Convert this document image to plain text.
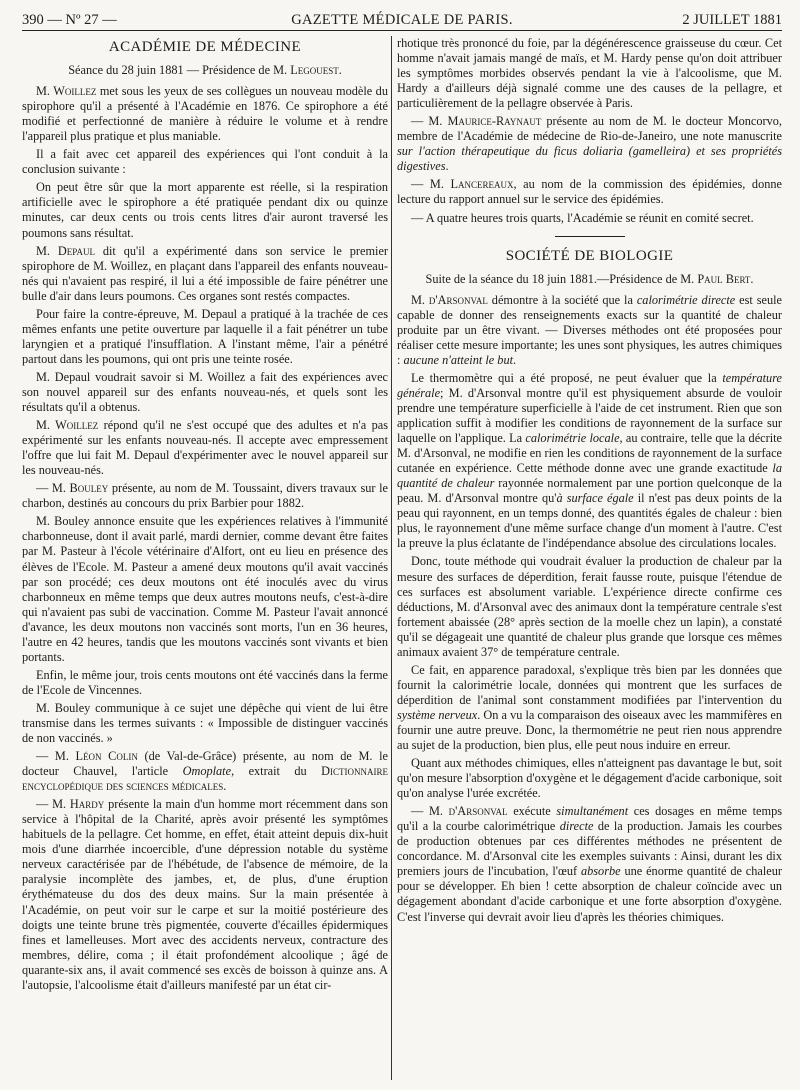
390 — Nº 27 —	GAZETTE MÉDICALE DE PARIS.	2 JUILLET 1881
ACADÉMIE DE MÉDECINE

Séance du 28 juin 1881 — Présidence de M. Legouest.

M. Woillez met sous les yeux de ses collègues un nouveau modèle du spirophore qu'il a présenté à l'Académie en 1876. Ce spirophore a été modifié et perfectionné de manière à réduire le volume et à rendre l'appareil plus pratique et plus maniable.

Il a fait avec cet appareil des expériences qui l'ont conduit à la conclusion suivante :

On peut être sûr que la mort apparente est réelle, si la respiration artificielle avec le spirophore a été pratiquée pendant dix ou quinze minutes, car deux cents ou trois cents litres d'air auront traversé les poumons sans résultat.

M. Depaul dit qu'il a expérimenté dans son service le premier spirophore de M. Woillez, en plaçant dans l'appareil des enfants nouveau-nés qui n'avaient pas respiré, il lui a été impossible de faire pénétrer une bulle d'air dans leurs poumons. Ces organes sont restés compactes.

Pour faire la contre-épreuve, M. Depaul a pratiqué à la trachée de ces mêmes enfants une petite ouverture par laquelle il a fait pénétrer un tube laryngien et a pratiqué l'insufflation. A l'instant même, l'air a pénétré partout dans les poumons, qui ont pris une teinte rosée.

M. Depaul voudrait savoir si M. Woillez a fait des expériences avec son nouvel appareil sur des enfants nouveau-nés, et quels sont les résultats qu'il a obtenus.

M. Woillez répond qu'il ne s'est occupé que des adultes et n'a pas expérimenté sur les enfants nouveau-nés. Il accepte avec empressement l'offre que lui fait M. Depaul d'expérimenter avec le nouvel appareil sur les nouveau-nés.

— M. Bouley présente, au nom de M. Toussaint, divers travaux sur le charbon, destinés au concours du prix Barbier pour 1882.

M. Bouley annonce ensuite que les expériences relatives à l'immunité charbonneuse, dont il avait parlé, mardi dernier, comme devant être faites par M. Pasteur à l'école vétérinaire d'Alfort, ont eu lieu en présence des élèves de l'Ecole. M. Pasteur a amené deux moutons qu'il avait vaccinés par son procédé; ces deux moutons ont été inoculés avec du virus charbonneux en même temps que deux autres moutons neufs, c'est-à-dire qui n'avaient pas subi de vaccination. Comme M. Pasteur l'avait annoncé d'avance, les deux moutons non vaccinés sont morts, l'un en 36 heures, l'autre en 42 heures, tandis que les moutons vaccinés sont vivants et bien portants.

Enfin, le même jour, trois cents moutons ont été vaccinés dans la ferme de l'Ecole de Vincennes.

M. Bouley communique à ce sujet une dépêche qui vient de lui être transmise dans les termes suivants : « Impossible de distinguer vaccinés de non vaccinés. »

— M. Léon Colin (de Val-de-Grâce) présente, au nom de M. le docteur Chauvel, l'article Omoplate, extrait du Dictionnaire encyclopédique des sciences médicales.

— M. Hardy présente la main d'un homme mort récemment dans son service à l'hôpital de la Charité, après avoir présenté les symptômes habituels de la pellagre. Cet homme, en effet, était atteint depuis dix-huit mois d'une diarrhée incoercible, d'une dépression notable du système nerveux caractérisée par de l'hébétude, de l'absence de mémoire, de la paralysie incomplète des jambes, et, de plus, d'une éruption érythémateuse du dos des deux mains. Sur la main présentée à l'Académie, on peut voir sur le carpe et sur la moitié postérieure des doigts une teinte brune très pigmentée, couverte d'écailles épidermiques fines et lamelleuses. Mort avec des accidents nerveux, contracture des membres, délire, coma ; il était profondément alcoolique ; âgé de quarante-six ans, il avait commencé ses excès de boisson à quinze ans. A l'autopsie, l'alcoolisme était d'ailleurs manifesté par un état cir-

rhotique très prononcé du foie, par la dégénérescence graisseuse du cœur. Cet homme n'avait jamais mangé de maïs, et M. Hardy pense qu'on doit attribuer les symptômes morbides observés pendant la vie à l'alcoolisme, que M. Hardy a d'ailleurs déjà signalé comme une des causes de la pellagre, et particulièrement de la pellagre observée à Paris.

— M. Maurice-Raynaut présente au nom de M. le docteur Moncorvo, membre de l'Académie de médecine de Rio-de-Janeiro, une note manuscrite sur l'action thérapeutique du ficus doliaria (gamelleira) et ses propriétés digestives.

— M. Lancereaux, au nom de la commission des épidémies, donne lecture du rapport annuel sur le service des épidémies.

— A quatre heures trois quarts, l'Académie se réunit en comité secret.

SOCIÉTÉ DE BIOLOGIE

Suite de la séance du 18 juin 1881.—Présidence de M. Paul Bert.

M. d'Arsonval démontre à la société que la calorimétrie directe est seule capable de donner des renseignements exacts sur la quantité de chaleur produite par un être vivant. — Diverses méthodes ont été proposées pour réaliser cette mesure importante; les unes sont physiques, les autres chimiques : aucune n'atteint le but.

Le thermomètre qui a été proposé, ne peut évaluer que la température générale; M. d'Arsonval montre qu'il est physiquement absurde de vouloir prendre une température superficielle à l'aide de cet instrument. Rien que son application suffit à modifier les conditions de rayonnement de la surface sur laquelle on l'applique. La calorimétrie locale, au contraire, telle que la décrite M. d'Arsonval, ne modifie en rien les conditions de rayonnement de la surface cutanée en expérience. Cette méthode donne avec une grande exactitude la quantité de chaleur rayonnée normalement par une portion quelconque de la peau. M. d'Arsonval montre qu'à surface égale il n'est pas deux points de la peau qui rayonnent, en un temps donné, des quantités égales de chaleur : bien plus, le rayonnement d'une même surface change d'un moment à l'autre. C'est la preuve la plus éclatante de l'indépendance absolue des circulations locales.

Donc, toute méthode qui voudrait évaluer la production de chaleur par la mesure des surfaces de déperdition, ferait fausse route, puisque l'étendue de ces surfaces est absolument variable. L'expérience directe confirme ces déductions, M. d'Arsonval avec des animaux dont la température centrale s'est fortement abaissée (28° après section de la moelle chez un lapin), a constaté qu'il se dégageait une quantité de chaleur plus grande que lorsque ces mêmes animaux avaient 37° de température centrale.

Ce fait, en apparence paradoxal, s'explique très bien par les données que fournit la calorimétrie locale, données qui montrent que les surfaces de déperdition de l'animal sont constamment modifiées par l'intervention du système nerveux. On a vu la comparaison des oiseaux avec les mammifères en fournir une autre preuve. Donc, la thermométrie ne peut rien nous apprendre au sujet de la production, bien plus, elle peut nous induire en erreur.

Quant aux méthodes chimiques, elles n'atteignent pas davantage le but, soit qu'on mesure l'absorption d'oxygène et le dégagement d'acide carbonique, soit qu'on analyse l'urée excrétée.

— M. d'Arsonval exécute simultanément ces dosages en même temps qu'il a la courbe calorimétrique directe de la production. Jamais les courbes de production obtenues par ces différentes méthodes ne présentent de concordance. M. d'Arsonval cite les exemples suivants : Ainsi, durant les dix premiers jours de l'incubation, l'œuf absorbe une énorme quantité de chaleur pour se développer. Eh bien ! cette absorption de chaleur coïncide avec un dégagement abondant d'acide carbonique et une forte absorption d'oxygène. C'est l'inverse qui devrait avoir lieu d'après les théories chimiques.
